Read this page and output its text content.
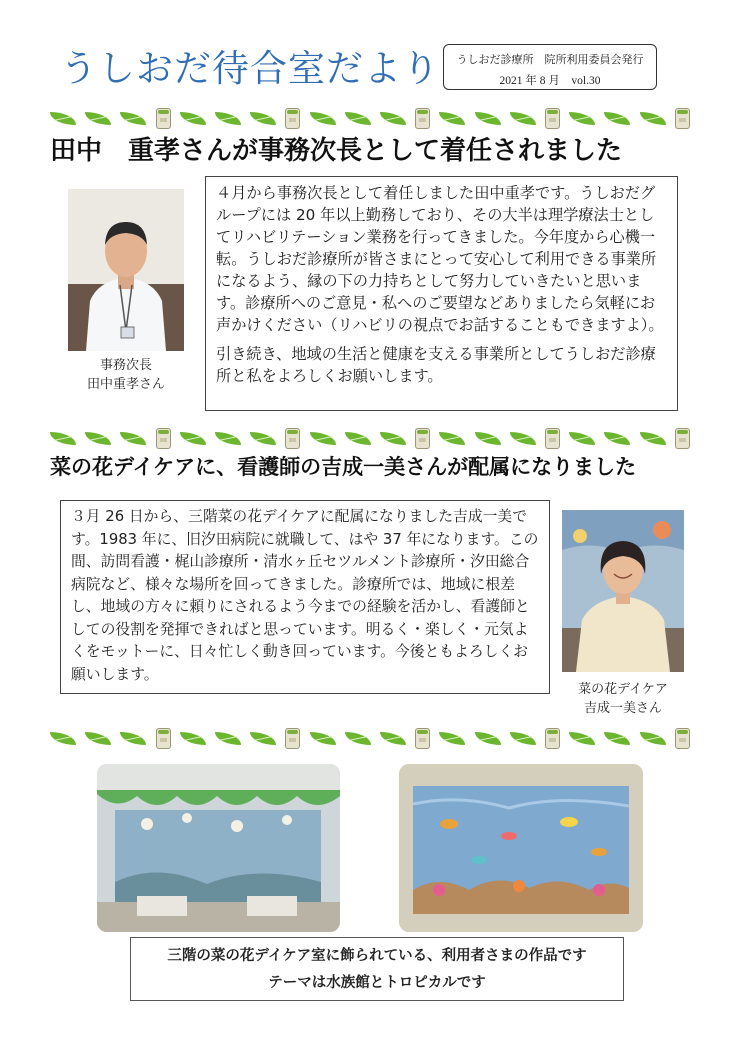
うしおだ待合室だより	うしおだ診療所　院所利用委員会発行
2021 年 8 月　vol.30
田中　重孝さんが事務次長として着任されました
事務次長
田中重孝さん

４月から事務次長として着任しました田中重孝です。うしおだグループには 20 年以上勤務しており、その大半は理学療法士としてリハビリテーション業務を行ってきました。今年度から心機一転。うしおだ診療所が皆さまにとって安心して利用できる事業所になるよう、縁の下の力持ちとして努力していきたいと思います。診療所へのご意見・私へのご要望などありましたら気軽にお声かけください（リハビリの視点でお話することもできますよ）。

引き続き、地域の生活と健康を支える事業所としてうしおだ診療所と私をよろしくお願いします。

菜の花デイケアに、看護師の吉成一美さんが配属になりました

３月 26 日から、三階菜の花デイケアに配属になりました吉成一美です。1983 年に、旧汐田病院に就職して、はや 37 年になります。この間、訪問看護・梶山診療所・清水ヶ丘セツルメント診療所・汐田総合病院など、様々な場所を回ってきました。診療所では、地域に根差し、地域の方々に頼りにされるよう今までの経験を活かし、看護師としての役割を発揮できればと思っています。明るく・楽しく・元気よくをモットーに、日々忙しく動き回っています。今後ともよろしくお願いします。

菜の花デイケア
吉成一美さん
三階の菜の花デイケア室に飾られている、利用者さまの作品です
テーマは水族館とトロピカルです
